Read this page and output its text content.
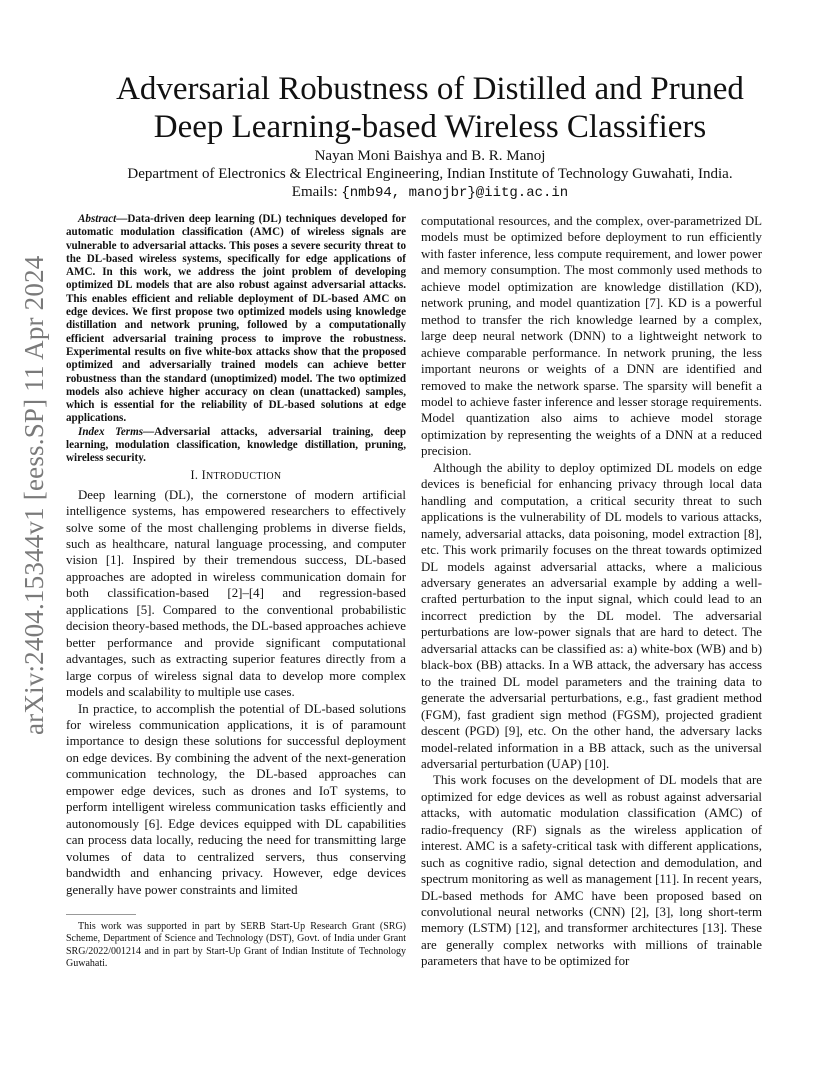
arXiv:2404.15344v1 [eess.SP] 11 Apr 2024
Adversarial Robustness of Distilled and Pruned
Deep Learning-based Wireless Classifiers
Nayan Moni Baishya and B. R. Manoj
Department of Electronics & Electrical Engineering, Indian Institute of Technology Guwahati, India.
Emails: {nmb94, manojbr}@iitg.ac.in

Abstract—Data-driven deep learning (DL) techniques developed for automatic modulation classification (AMC) of wireless signals are vulnerable to adversarial attacks. This poses a severe security threat to the DL-based wireless systems, specifically for edge applications of AMC. In this work, we address the joint problem of developing optimized DL models that are also robust against adversarial attacks. This enables efficient and reliable deployment of DL-based AMC on edge devices. We first propose two optimized models using knowledge distillation and network pruning, followed by a computationally efficient adversarial training process to improve the robustness. Experimental results on five white-box attacks show that the proposed optimized and adversarially trained models can achieve better robustness than the standard (unoptimized) model. The two optimized models also achieve higher accuracy on clean (unattacked) samples, which is essential for the reliability of DL-based solutions at edge applications.

Index Terms—Adversarial attacks, adversarial training, deep learning, modulation classification, knowledge distillation, pruning, wireless security.

I. INTRODUCTION

Deep learning (DL), the cornerstone of modern artificial intelligence systems, has empowered researchers to effectively solve some of the most challenging problems in diverse fields, such as healthcare, natural language processing, and computer vision [1]. Inspired by their tremendous success, DL-based approaches are adopted in wireless communication domain for both classification-based [2]–[4] and regression-based applications [5]. Compared to the conventional probabilistic decision theory-based methods, the DL-based approaches achieve better performance and provide significant computational advantages, such as extracting superior features directly from a large corpus of wireless signal data to develop more complex models and scalability to multiple use cases.

In practice, to accomplish the potential of DL-based solutions for wireless communication applications, it is of paramount importance to design these solutions for successful deployment on edge devices. By combining the advent of the next-generation communication technology, the DL-based approaches can empower edge devices, such as drones and IoT systems, to perform intelligent wireless communication tasks efficiently and autonomously [6]. Edge devices equipped with DL capabilities can process data locally, reducing the need for transmitting large volumes of data to centralized servers, thus conserving bandwidth and enhancing privacy. However, edge devices generally have power constraints and limited

This work was supported in part by SERB Start-Up Research Grant (SRG) Scheme, Department of Science and Technology (DST), Govt. of India under Grant SRG/2022/001214 and in part by Start-Up Grant of Indian Institute of Technology Guwahati.

computational resources, and the complex, over-parametrized DL models must be optimized before deployment to run efficiently with faster inference, less compute requirement, and lower power and memory consumption. The most commonly used methods to achieve model optimization are knowledge distillation (KD), network pruning, and model quantization [7]. KD is a powerful method to transfer the rich knowledge learned by a complex, large deep neural network (DNN) to a lightweight network to achieve comparable performance. In network pruning, the less important neurons or weights of a DNN are identified and removed to make the network sparse. The sparsity will benefit a model to achieve faster inference and lesser storage requirements. Model quantization also aims to achieve model storage optimization by representing the weights of a DNN at a reduced precision.

Although the ability to deploy optimized DL models on edge devices is beneficial for enhancing privacy through local data handling and computation, a critical security threat to such applications is the vulnerability of DL models to various attacks, namely, adversarial attacks, data poisoning, model extraction [8], etc. This work primarily focuses on the threat towards optimized DL models against adversarial attacks, where a malicious adversary generates an adversarial example by adding a well-crafted perturbation to the input signal, which could lead to an incorrect prediction by the DL model. The adversarial perturbations are low-power signals that are hard to detect. The adversarial attacks can be classified as: a) white-box (WB) and b) black-box (BB) attacks. In a WB attack, the adversary has access to the trained DL model parameters and the training data to generate the adversarial perturbations, e.g., fast gradient method (FGM), fast gradient sign method (FGSM), projected gradient descent (PGD) [9], etc. On the other hand, the adversary lacks model-related information in a BB attack, such as the universal adversarial perturbation (UAP) [10].

This work focuses on the development of DL models that are optimized for edge devices as well as robust against adversarial attacks, with automatic modulation classification (AMC) of radio-frequency (RF) signals as the wireless application of interest. AMC is a safety-critical task with different applications, such as cognitive radio, signal detection and demodulation, and spectrum monitoring as well as management [11]. In recent years, DL-based methods for AMC have been proposed based on convolutional neural networks (CNN) [2], [3], long short-term memory (LSTM) [12], and transformer architectures [13]. These are generally complex networks with millions of trainable parameters that have to be optimized for
